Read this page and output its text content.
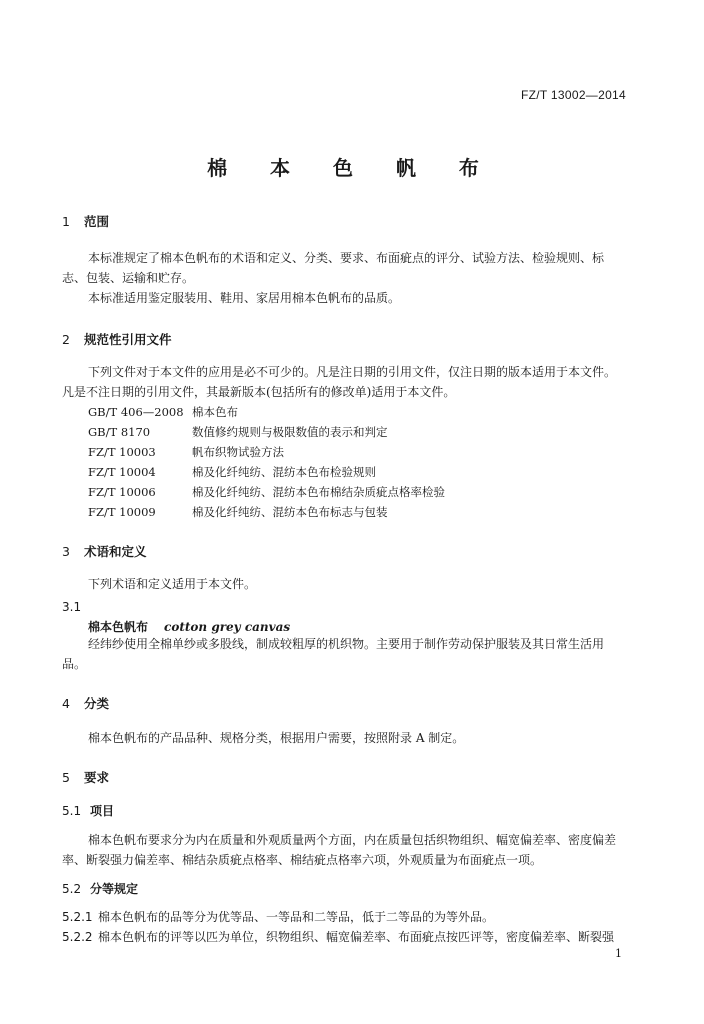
FZ/T 13002—2014
棉 本 色 帆 布
1 范围

本标准规定了棉本色帆布的术语和定义、分类、要求、布面疵点的评分、试验方法、检验规则、标志、包装、运输和贮存。

本标准适用鉴定服装用、鞋用、家居用棉本色帆布的品质。

2 规范性引用文件

下列文件对于本文件的应用是必不可少的。凡是注日期的引用文件，仅注日期的版本适用于本文件。凡是不注日期的引用文件，其最新版本(包括所有的修改单)适用于本文件。

GB/T 406—2008 棉本色布
GB/T 8170	数值修约规则与极限数值的表示和判定
FZ/T 10003	帆布织物试验方法
FZ/T 10004	棉及化纤纯纺、混纺本色布检验规则
FZ/T 10006	棉及化纤纯纺、混纺本色布棉结杂质疵点格率检验
FZ/T 10009	棉及化纤纯纺、混纺本色布标志与包装
3 术语和定义

下列术语和定义适用于本文件。

3.1
棉本色帆布 cotton grey canvas

经纬纱使用全棉单纱或多股线，制成较粗厚的机织物。主要用于制作劳动保护服装及其日常生活用品。

4 分类

棉本色帆布的产品品种、规格分类，根据用户需要，按照附录 A 制定。

5 要求
5.1 项目

棉本色帆布要求分为内在质量和外观质量两个方面，内在质量包括织物组织、幅宽偏差率、密度偏差率、断裂强力偏差率、棉结杂质疵点格率、棉结疵点格率六项，外观质量为布面疵点一项。

5.2 分等规定
5.2.1 棉本色帆布的品等分为优等品、一等品和二等品，低于二等品的为等外品。
5.2.2 棉本色帆布的评等以匹为单位，织物组织、幅宽偏差率、布面疵点按匹评等，密度偏差率、断裂强
1
